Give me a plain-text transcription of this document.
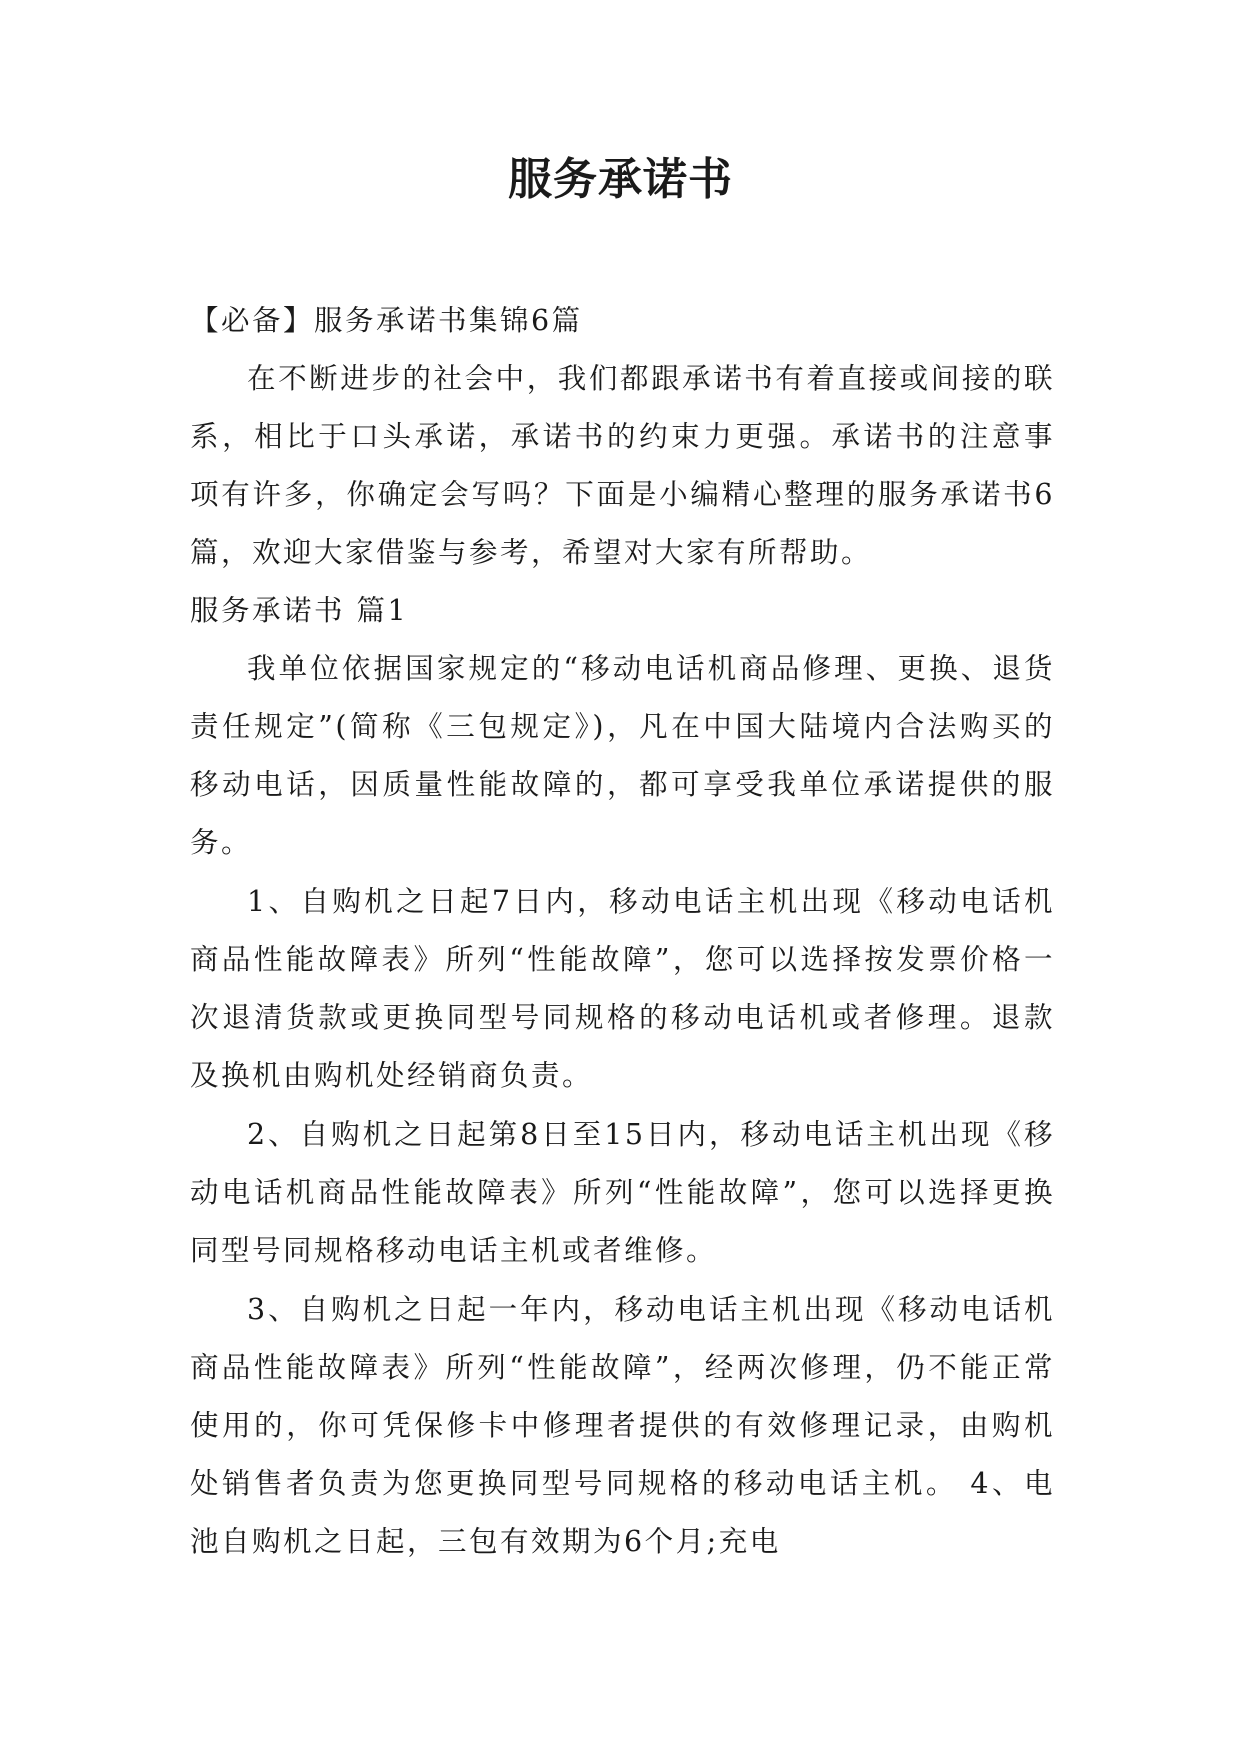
服务承诺书

【必备】服务承诺书集锦6篇

在不断进步的社会中，我们都跟承诺书有着直接或间接的联系，相比于口头承诺，承诺书的约束力更强。承诺书的注意事项有许多，你确定会写吗？下面是小编精心整理的服务承诺书6篇，欢迎大家借鉴与参考，希望对大家有所帮助。

服务承诺书 篇1

我单位依据国家规定的“移动电话机商品修理、更换、退货责任规定”(简称《三包规定》)，凡在中国大陆境内合法购买的移动电话，因质量性能故障的，都可享受我单位承诺提供的服务。

1、自购机之日起7日内，移动电话主机出现《移动电话机商品性能故障表》所列“性能故障”，您可以选择按发票价格一次退清货款或更换同型号同规格的移动电话机或者修理。退款及换机由购机处经销商负责。

2、自购机之日起第8日至15日内，移动电话主机出现《移动电话机商品性能故障表》所列“性能故障”，您可以选择更换同型号同规格移动电话主机或者维修。

3、自购机之日起一年内，移动电话主机出现《移动电话机商品性能故障表》所列“性能故障”，经两次修理，仍不能正常使用的，你可凭保修卡中修理者提供的有效修理记录，由购机处销售者负责为您更换同型号同规格的移动电话主机。 4、电池自购机之日起，三包有效期为6个月;充电
